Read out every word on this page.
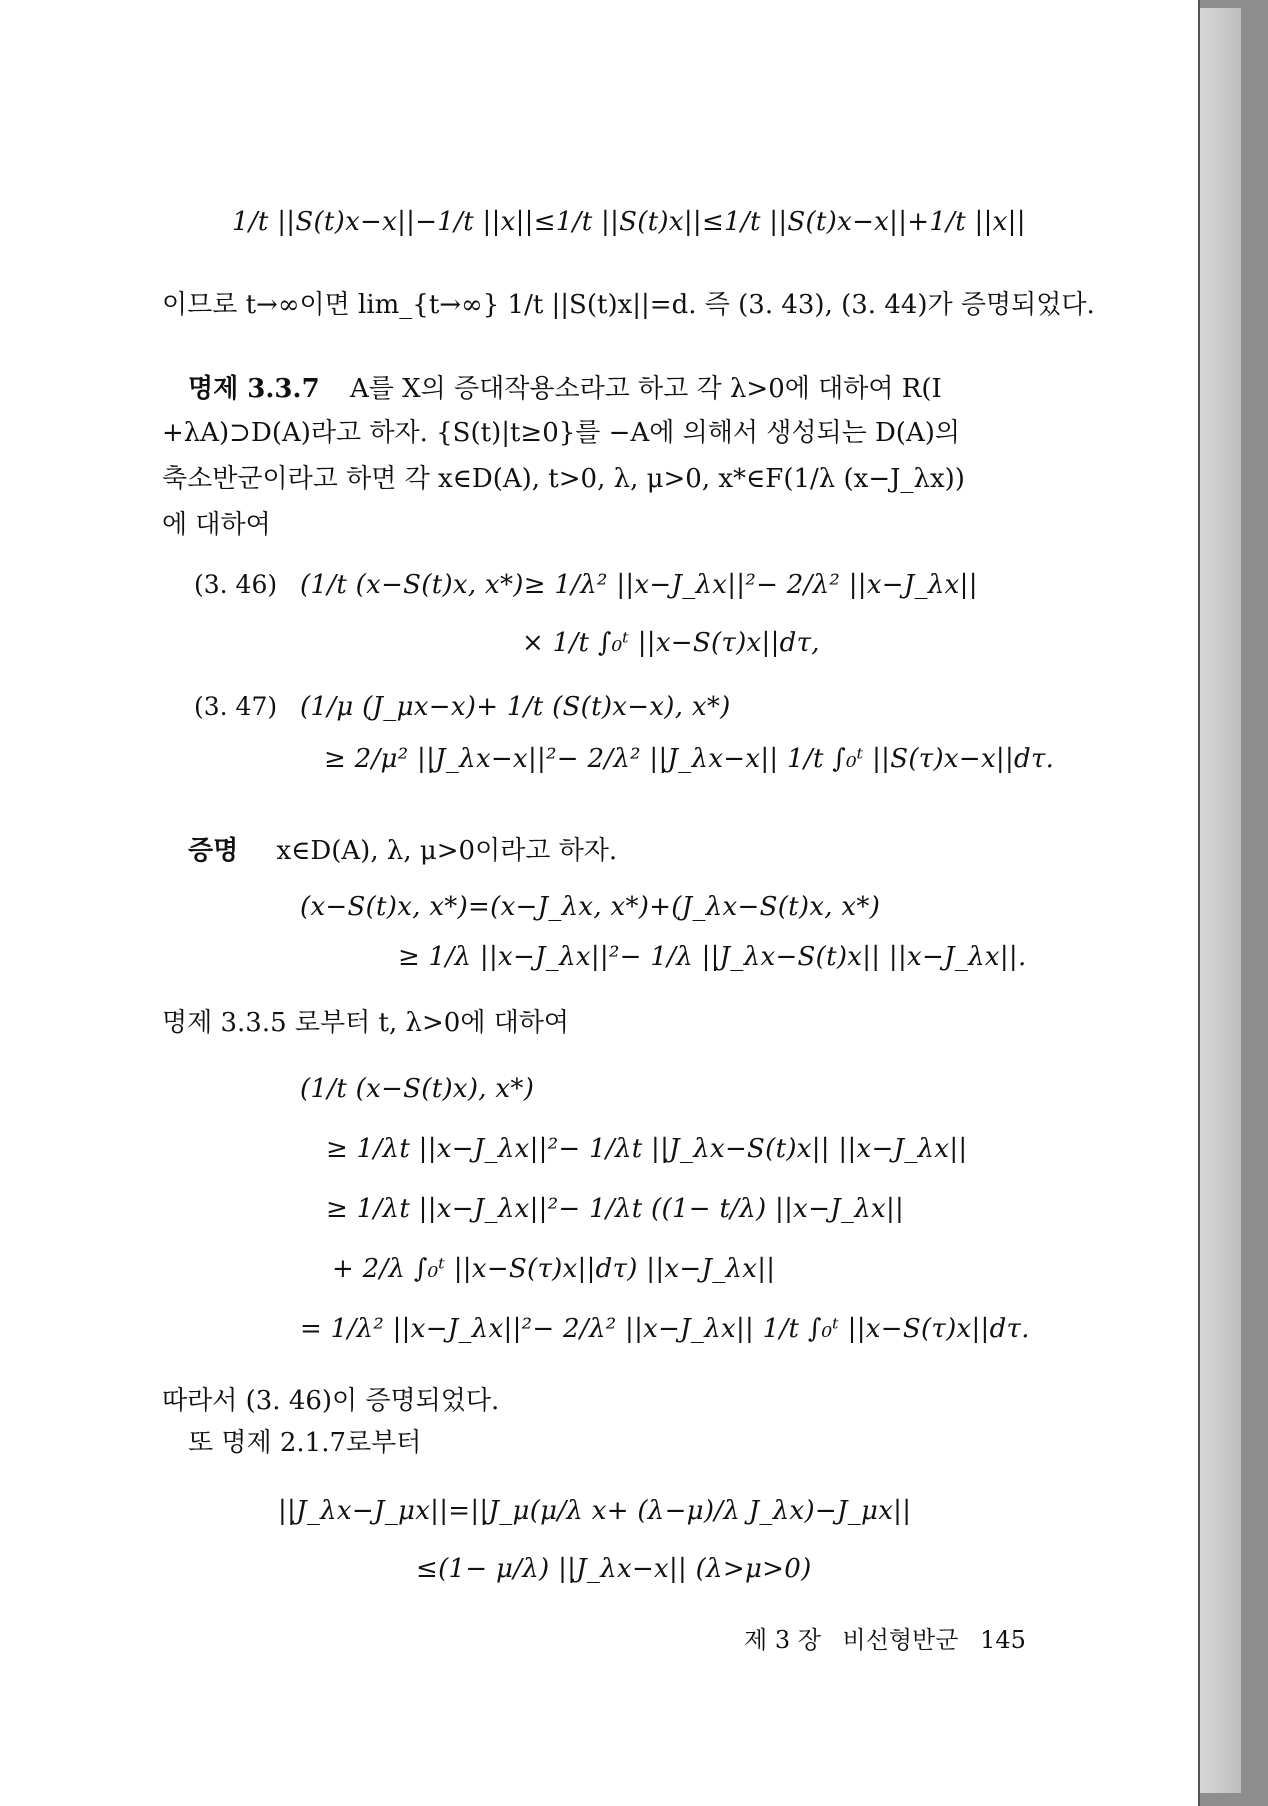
1/t ||S(t)x−x||−1/t ||x||≤1/t ||S(t)x||≤1/t ||S(t)x−x||+1/t ||x||
이므로 t→∞이면 lim_{t→∞} 1/t ||S(t)x||=d. 즉 (3. 43), (3. 44)가 증명되었다.
명제 3.3.7 A를 X의 증대작용소라고 하고 각 λ>0에 대하여 R(I
+λA)⊃D(A)라고 하자. {S(t)|t≥0}를 −A에 의해서 생성되는 D(A)의
축소반군이라고 하면 각 x∈D(A), t>0, λ, μ>0, x*∈F(1/λ (x−J_λx))
에 대하여
(3. 46) (1/t (x−S(t)x, x*)≥ 1/λ² ||x−J_λx||²− 2/λ² ||x−J_λx||
× 1/t ∫₀ᵗ ||x−S(τ)x||dτ,
(3. 47) (1/μ (J_μx−x)+ 1/t (S(t)x−x), x*)
≥ 2/μ² ||J_λx−x||²− 2/λ² ||J_λx−x|| 1/t ∫₀ᵗ ||S(τ)x−x||dτ.
증명 x∈D(A), λ, μ>0이라고 하자.
(x−S(t)x, x*)=(x−J_λx, x*)+(J_λx−S(t)x, x*)
≥ 1/λ ||x−J_λx||²− 1/λ ||J_λx−S(t)x|| ||x−J_λx||.
명제 3.3.5 로부터 t, λ>0에 대하여
(1/t (x−S(t)x), x*)
≥ 1/λt ||x−J_λx||²− 1/λt ||J_λx−S(t)x|| ||x−J_λx||
≥ 1/λt ||x−J_λx||²− 1/λt ((1− t/λ) ||x−J_λx||
+ 2/λ ∫₀ᵗ ||x−S(τ)x||dτ) ||x−J_λx||
= 1/λ² ||x−J_λx||²− 2/λ² ||x−J_λx|| 1/t ∫₀ᵗ ||x−S(τ)x||dτ.
따라서 (3. 46)이 증명되었다.
또 명제 2.1.7로부터
||J_λx−J_μx||=||J_μ(μ/λ x+ (λ−μ)/λ J_λx)−J_μx||
≤(1− μ/λ) ||J_λx−x|| (λ>μ>0)
제 3 장 비선형반군 145
